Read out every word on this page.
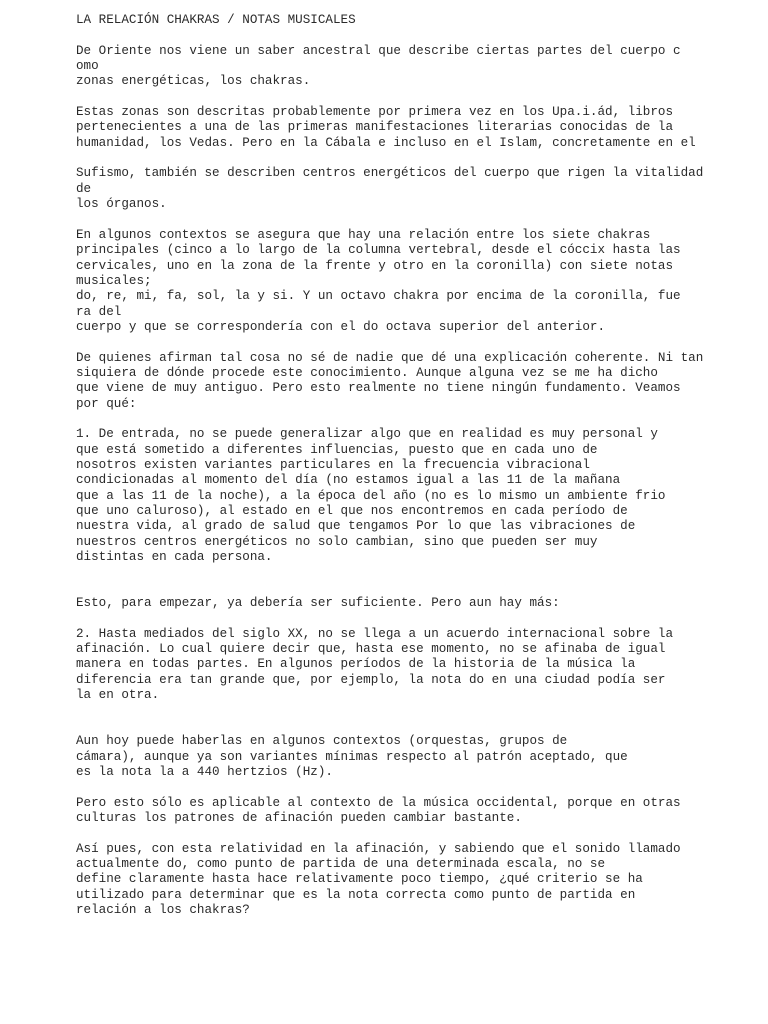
LA RELACIÓN CHAKRAS / NOTAS MUSICALES
De Oriente nos viene un saber ancestral que describe ciertas partes del cuerpo c
omo
zonas energéticas, los chakras.
Estas zonas son descritas probablemente por primera vez en los Upa.i.ád, libros
pertenecientes a una de las primeras manifestaciones literarias conocidas de la
humanidad, los Vedas. Pero en la Cábala e incluso en el Islam, concretamente en el
Sufismo, también se describen centros energéticos del cuerpo que rigen la vitalidad
de
los órganos.
En algunos contextos se asegura que hay una relación entre los siete chakras
principales (cinco a lo largo de la columna vertebral, desde el cóccix hasta las
cervicales, uno en la zona de la frente y otro en la coronilla) con siete notas
musicales;
do, re, mi, fa, sol, la y si. Y un octavo chakra por encima de la coronilla, fue
ra del
cuerpo y que se correspondería con el do octava superior del anterior.
De quienes afirman tal cosa no sé de nadie que dé una explicación coherente. Ni tan
siquiera de dónde procede este conocimiento. Aunque alguna vez se me ha dicho
que viene de muy antiguo. Pero esto realmente no tiene ningún fundamento. Veamos
por qué:
1. De entrada, no se puede generalizar algo que en realidad es muy personal y
que está sometido a diferentes influencias, puesto que en cada uno de
nosotros existen variantes particulares en la frecuencia vibracional
condicionadas al momento del día (no estamos igual a las 11 de la mañana
que a las 11 de la noche), a la época del año (no es lo mismo un ambiente frio
que uno caluroso), al estado en el que nos encontremos en cada período de
nuestra vida, al grado de salud que tengamos Por lo que las vibraciones de
nuestros centros energéticos no solo cambian, sino que pueden ser muy
distintas en cada persona.
Esto, para empezar, ya debería ser suficiente. Pero aun hay más:
2. Hasta mediados del siglo XX, no se llega a un acuerdo internacional sobre la
afinación. Lo cual quiere decir que, hasta ese momento, no se afinaba de igual
manera en todas partes. En algunos períodos de la historia de la música la
diferencia era tan grande que, por ejemplo, la nota do en una ciudad podía ser
la en otra.
Aun hoy puede haberlas en algunos contextos (orquestas, grupos de
cámara), aunque ya son variantes mínimas respecto al patrón aceptado, que
es la nota la a 440 hertzios (Hz).
Pero esto sólo es aplicable al contexto de la música occidental, porque en otras
culturas los patrones de afinación pueden cambiar bastante.
Así pues, con esta relatividad en la afinación, y sabiendo que el sonido llamado
actualmente do, como punto de partida de una determinada escala, no se
define claramente hasta hace relativamente poco tiempo, ¿qué criterio se ha
utilizado para determinar que es la nota correcta como punto de partida en
relación a los chakras?
